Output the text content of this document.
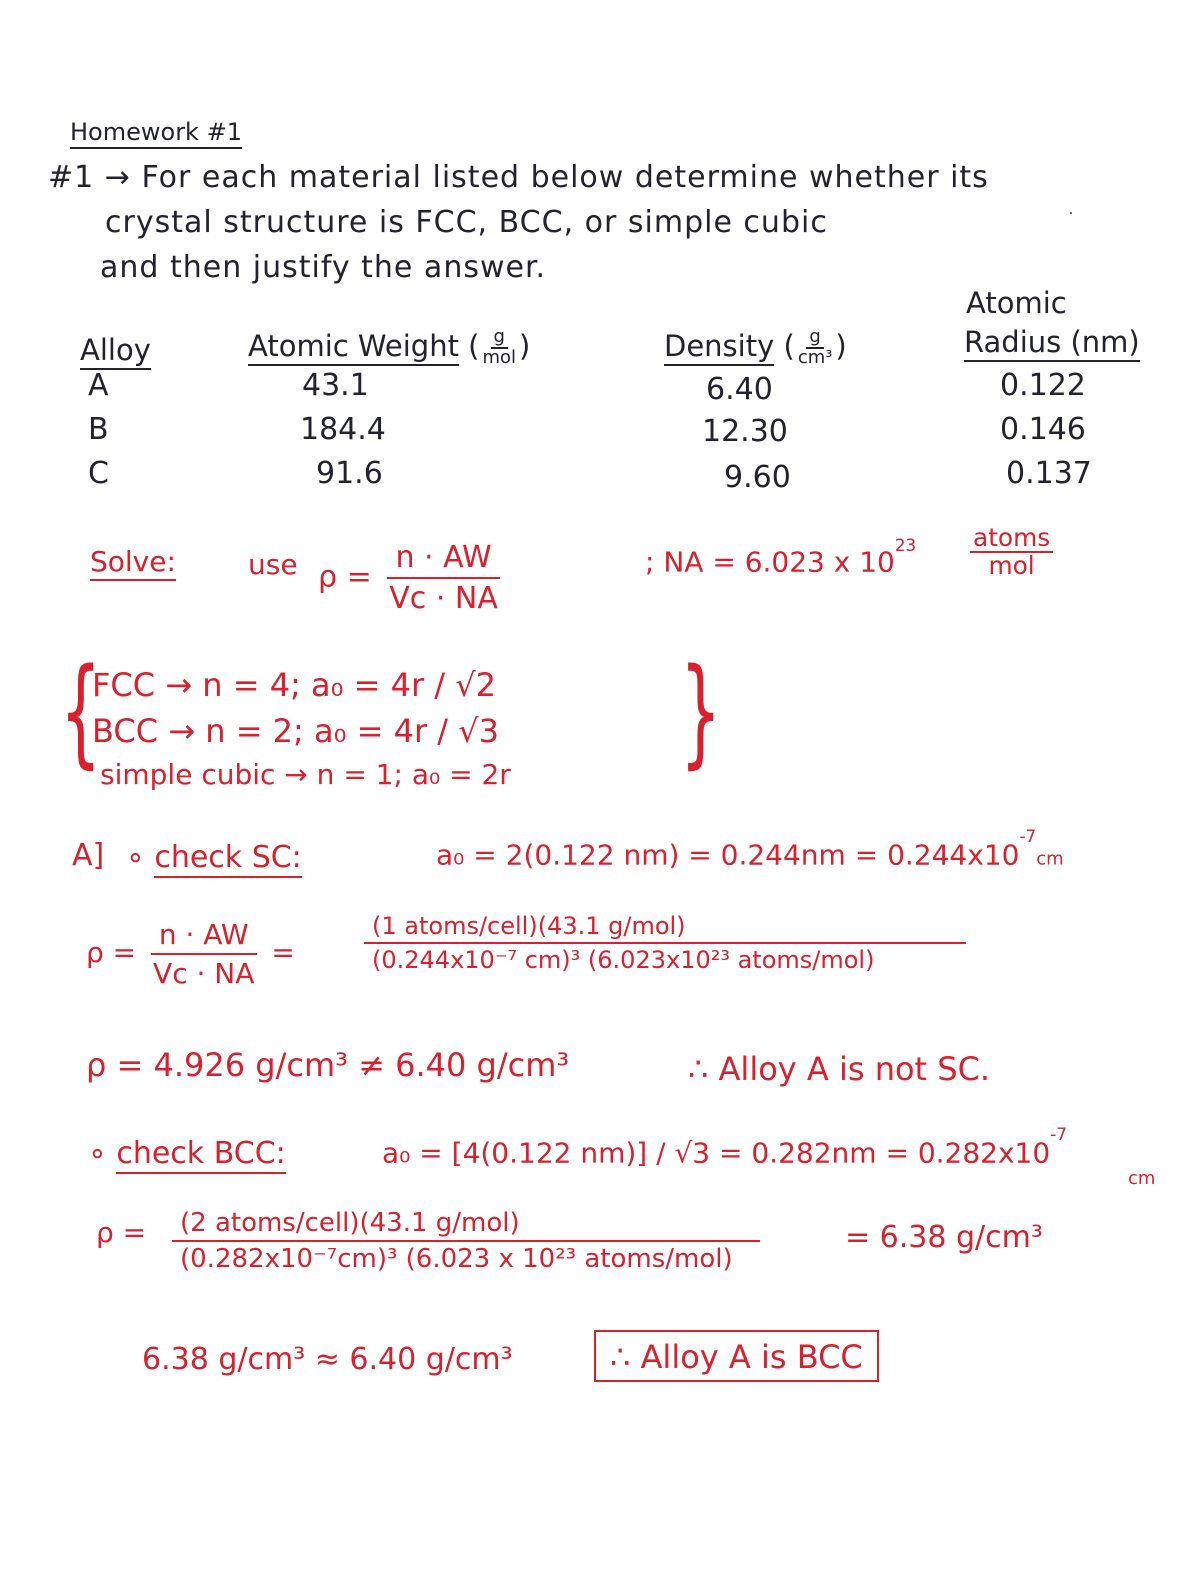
Homework #1
#1 → For each material listed below determine whether its
crystal structure is FCC, BCC, or simple cubic
and then justify the answer.
Alloy	Atomic Weight ( $\frac{g}{\text{mol}}$ )	Density ( $\frac{g}{\text{cm³}}$ )
Atomic
Radius (nm)
A	43.1	6.40	0.122
B	184.4	12.30	0.146
C	91.6	9.60	0.137
Solve:	use $\rho = \frac{n \cdot AW}{Vc \cdot NA}$	; NA = 6.023 x $10^{23} \frac{\text{atoms}}{\text{mol}}$
{	}
FCC → n = 4; a₀ = 4r / √2
BCC → n = 2; a₀ = 4r / √3
simple cubic → n = 1; a₀ = 2r
A] ∘ check SC:	a₀ = 2(0.122 $nm) = 0.244nm = 0.244x10^{-7}cm$
$\rho = \frac{n \cdot AW}{Vc \cdot NA}$ =	$\frac{\text{(1 atoms/cell)(43.1 g/mol)}}{\text{(0.244x10⁻⁷ cm)³ (6.023x10²³ atoms/mol)}}$
ρ = 4.926 g/cm³ ≠ 6.40 g/cm³	∴ Alloy A is not SC.
∘ check BCC:	a₀ = [4(0.122 $nm)] / √3 = 0.282nm = 0.282x10^{-7}$
cm
$\rho = \frac{\text{(2 atoms/cell)(43.1 g/mol)}}{\text{(0.282x10⁻⁷cm)³ (6.023 x 10²³ atoms/mol)}}$	= 6.38 g/cm³
6.38 g/cm³ ≈ 6.40 g/cm³	∴ Alloy A is BCC
